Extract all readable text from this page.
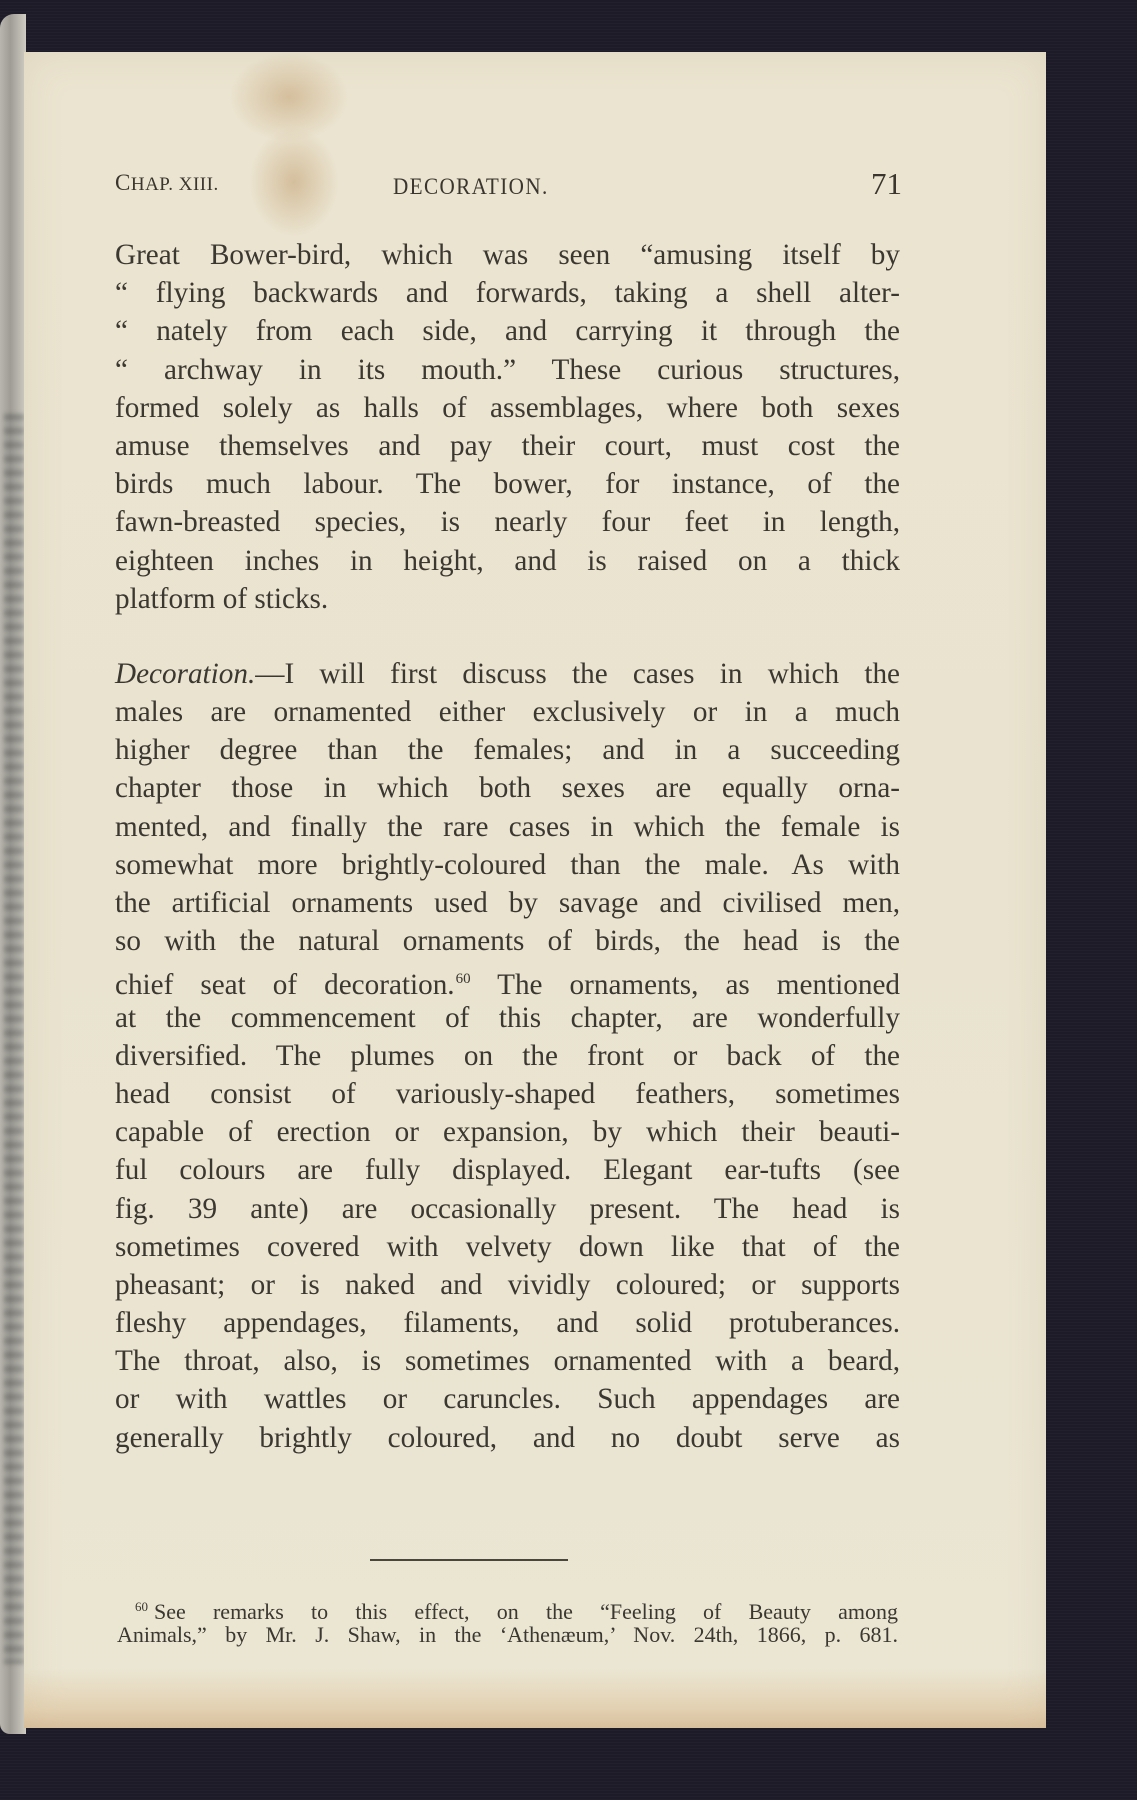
CHAP. XIII.	DECORATION.	71
Great Bower-bird, which was seen “amusing itself by
“ flying backwards and forwards, taking a shell alter-
“ nately from each side, and carrying it through the
“ archway in its mouth.” These curious structures,
formed solely as halls of assemblages, where both sexes
amuse themselves and pay their court, must cost the
birds much labour. The bower, for instance, of the
fawn-breasted species, is nearly four feet in length,
eighteen inches in height, and is raised on a thick
platform of sticks.
Decoration.—I will first discuss the cases in which the
males are ornamented either exclusively or in a much
higher degree than the females; and in a succeeding
chapter those in which both sexes are equally orna-
mented, and finally the rare cases in which the female is
somewhat more brightly-coloured than the male. As with
the artificial ornaments used by savage and civilised men,
so with the natural ornaments of birds, the head is the
chief seat of decoration.$^{60}$ The ornaments, as mentioned
at the commencement of this chapter, are wonderfully
diversified. The plumes on the front or back of the
head consist of variously-shaped feathers, sometimes
capable of erection or expansion, by which their beauti-
ful colours are fully displayed. Elegant ear-tufts (see
fig. 39 ante) are occasionally present. The head is
sometimes covered with velvety down like that of the
pheasant; or is naked and vividly coloured; or supports
fleshy appendages, filaments, and solid protuberances.
The throat, also, is sometimes ornamented with a beard,
or with wattles or caruncles. Such appendages are
generally brightly coloured, and no doubt serve as
$^{60}$ See remarks to this effect, on the “Feeling of Beauty among
Animals,” by Mr. J. Shaw, in the ‘Athenæum,’ Nov. 24th, 1866, p. 681.
